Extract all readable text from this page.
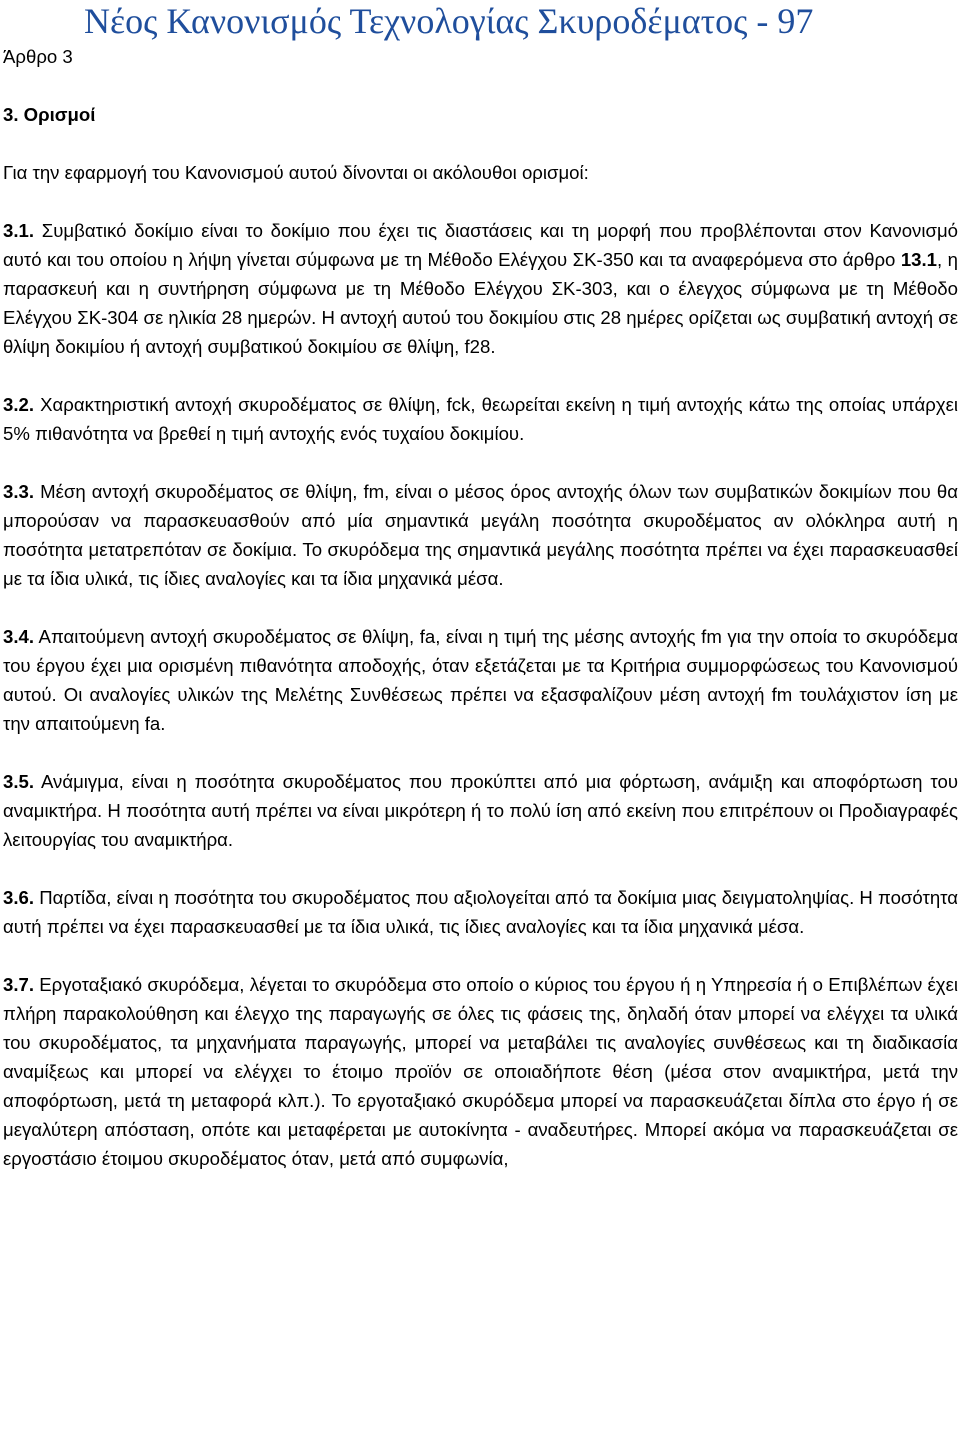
Νέος Κανονισμός Τεχνολογίας Σκυροδέματος - 97

Άρθρο 3

3. Ορισμοί

Για την εφαρμογή του Κανονισμού αυτού δίνονται οι ακόλουθοι ορισμοί:

3.1. Συμβατικό δοκίμιο είναι το δοκίμιο που έχει τις διαστάσεις και τη μορφή που προβλέπονται στον Κανονισμό αυτό και του οποίου η λήψη γίνεται σύμφωνα με τη Μέθοδο Ελέγχου ΣΚ-350 και τα αναφερόμενα στο άρθρο 13.1, η παρασκευή και η συντήρηση σύμφωνα με τη Μέθοδο Ελέγχου ΣΚ-303, και ο έλεγχος σύμφωνα με τη Μέθοδο Ελέγχου ΣΚ-304 σε ηλικία 28 ημερών. Η αντοχή αυτού του δοκιμίου στις 28 ημέρες ορίζεται ως συμβατική αντοχή σε θλίψη δοκιμίου ή αντοχή συμβατικού δοκιμίου σε θλίψη, f28.

3.2. Χαρακτηριστική αντοχή σκυροδέματος σε θλίψη, fck, θεωρείται εκείνη η τιμή αντοχής κάτω της οποίας υπάρχει 5% πιθανότητα να βρεθεί η τιμή αντοχής ενός τυχαίου δοκιμίου.

3.3. Μέση αντοχή σκυροδέματος σε θλίψη, fm, είναι ο μέσος όρος αντοχής όλων των συμβατικών δοκιμίων που θα μπορούσαν να παρασκευασθούν από μία σημαντικά μεγάλη ποσότητα σκυροδέματος αν ολόκληρα αυτή η ποσότητα μετατρεπόταν σε δοκίμια. Το σκυρόδεμα της σημαντικά μεγάλης ποσότητα πρέπει να έχει παρασκευασθεί με τα ίδια υλικά, τις ίδιες αναλογίες και τα ίδια μηχανικά μέσα.

3.4. Απαιτούμενη αντοχή σκυροδέματος σε θλίψη, fa, είναι η τιμή της μέσης αντοχής fm για την οποία το σκυρόδεμα του έργου έχει μια ορισμένη πιθανότητα αποδοχής, όταν εξετάζεται με τα Κριτήρια συμμορφώσεως του Κανονισμού αυτού. Οι αναλογίες υλικών της Μελέτης Συνθέσεως πρέπει να εξασφαλίζουν μέση αντοχή fm τουλάχιστον ίση με την απαιτούμενη fa.

3.5. Ανάμιγμα, είναι η ποσότητα σκυροδέματος που προκύπτει από μια φόρτωση, ανάμιξη και αποφόρτωση του αναμικτήρα. Η ποσότητα αυτή πρέπει να είναι μικρότερη ή το πολύ ίση από εκείνη που επιτρέπουν οι Προδιαγραφές λειτουργίας του αναμικτήρα.

3.6. Παρτίδα, είναι η ποσότητα του σκυροδέματος που αξιολογείται από τα δοκίμια μιας δειγματοληψίας. Η ποσότητα αυτή πρέπει να έχει παρασκευασθεί με τα ίδια υλικά, τις ίδιες αναλογίες και τα ίδια μηχανικά μέσα.

3.7. Εργοταξιακό σκυρόδεμα, λέγεται το σκυρόδεμα στο οποίο ο κύριος του έργου ή η Υπηρεσία ή ο Επιβλέπων έχει πλήρη παρακολούθηση και έλεγχο της παραγωγής σε όλες τις φάσεις της, δηλαδή όταν μπορεί να ελέγχει τα υλικά του σκυροδέματος, τα μηχανήματα παραγωγής, μπορεί να μεταβάλει τις αναλογίες συνθέσεως και τη διαδικασία αναμίξεως και μπορεί να ελέγχει το έτοιμο προϊόν σε οποιαδήποτε θέση (μέσα στον αναμικτήρα, μετά την αποφόρτωση, μετά τη μεταφορά κλπ.). Το εργοταξιακό σκυρόδεμα μπορεί να παρασκευάζεται δίπλα στο έργο ή σε μεγαλύτερη απόσταση, οπότε και μεταφέρεται με αυτοκίνητα - αναδευτήρες. Μπορεί ακόμα να παρασκευάζεται σε εργοστάσιο έτοιμου σκυροδέματος όταν, μετά από συμφωνία,
